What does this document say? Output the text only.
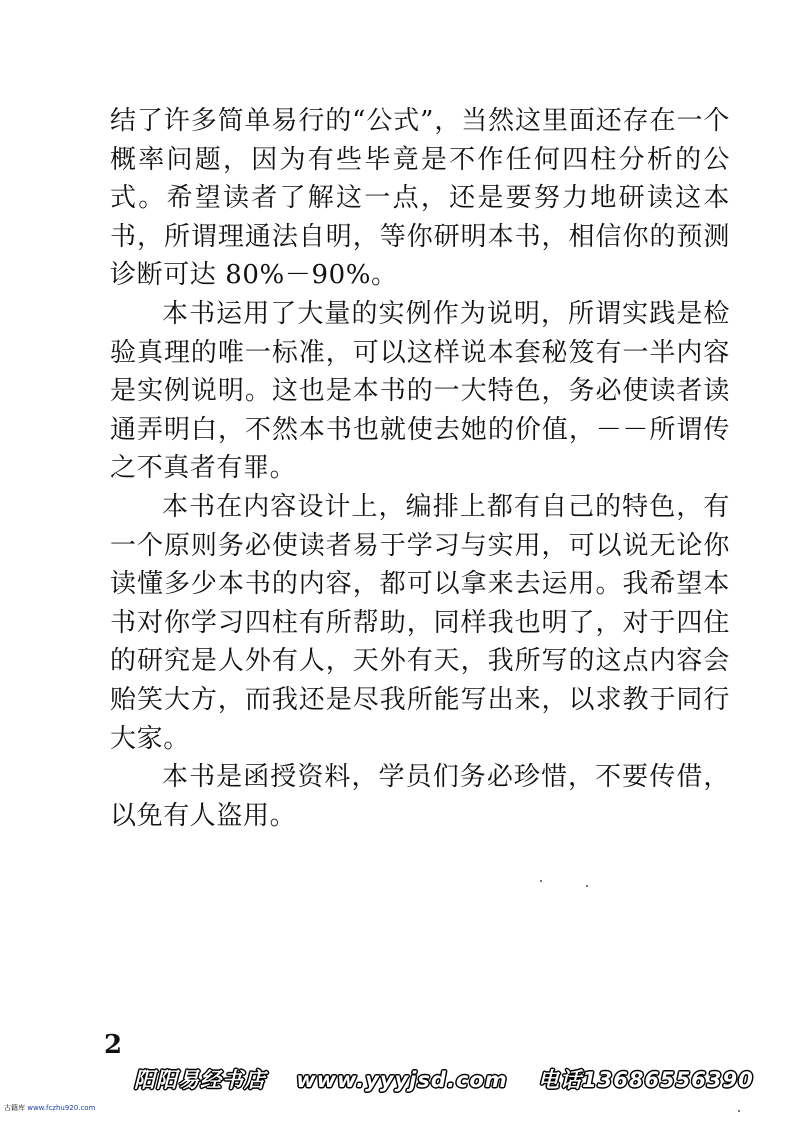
结了许多简单易行的“公式”，当然这里面还存在一个概率问题，因为有些毕竟是不作任何四柱分析的公式。希望读者了解这一点，还是要努力地研读这本书，所谓理通法自明，等你研明本书，相信你的预测诊断可达 80%－90%。

本书运用了大量的实例作为说明，所谓实践是检验真理的唯一标准，可以这样说本套秘笈有一半内容是实例说明。这也是本书的一大特色，务必使读者读通弄明白，不然本书也就使去她的价值，－－所谓传之不真者有罪。

本书在内容设计上，编排上都有自己的特色，有一个原则务必使读者易于学习与实用，可以说无论你读懂多少本书的内容，都可以拿来去运用。我希望本书对你学习四柱有所帮助，同样我也明了，对于四住的研究是人外有人，天外有天，我所写的这点内容会贻笑大方，而我还是尽我所能写出来，以求教于同行大家。

本书是函授资料，学员们务必珍惜，不要传借，以免有人盗用。

2
阳阳易经书店 www.yyyjsd.com 电话13686556390
古籍库 www.fczhu920.com
